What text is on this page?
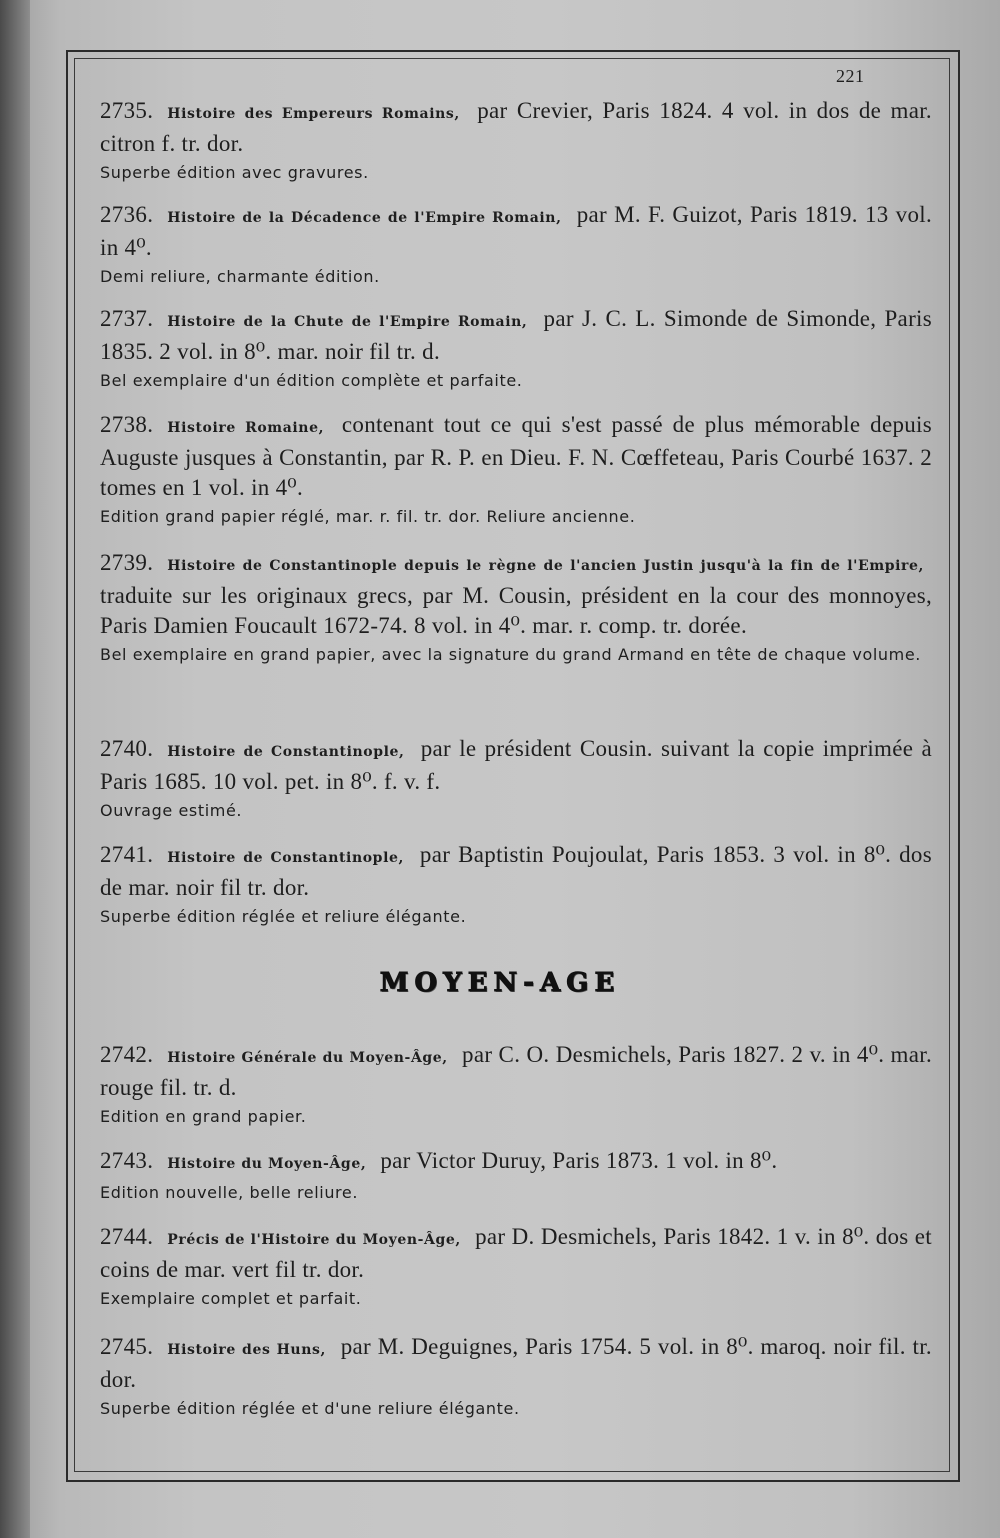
221
2735. Histoire des Empereurs Romains, par Crevier, Paris 1824. 4 vol. in dos de mar. citron f. tr. dor.
Superbe édition avec gravures.
2736. Histoire de la Décadence de l'Empire Romain, par M. F. Guizot, Paris 1819. 13 vol. in 4⁰.
Demi reliure, charmante édition.
2737. Histoire de la Chute de l'Empire Romain, par J. C. L. Simonde de Simonde, Paris 1835. 2 vol. in 8⁰. mar. noir fil tr. d.
Bel exemplaire d'un édition complète et parfaite.
2738. Histoire Romaine, contenant tout ce qui s'est passé de plus mémorable depuis Auguste jusques à Constantin, par R. P. en Dieu. F. N. Cœffeteau, Paris Courbé 1637. 2 tomes en 1 vol. in 4⁰.
Edition grand papier réglé, mar. r. fil. tr. dor. Reliure ancienne.
2739. Histoire de Constantinople depuis le règne de l'ancien Justin jusqu'à la fin de l'Empire, traduite sur les originaux grecs, par M. Cousin, président en la cour des monnoyes, Paris Damien Foucault 1672-74. 8 vol. in 4⁰. mar. r. comp. tr. dorée.
Bel exemplaire en grand papier, avec la signature du grand Armand en tête de chaque volume.
2740. Histoire de Constantinople, par le président Cousin. suivant la copie imprimée à Paris 1685. 10 vol. pet. in 8⁰. f. v. f.
Ouvrage estimé.
2741. Histoire de Constantinople, par Baptistin Poujoulat, Paris 1853. 3 vol. in 8⁰. dos de mar. noir fil tr. dor.
Superbe édition réglée et reliure élégante.
MOYEN-AGE
2742. Histoire Générale du Moyen-Âge, par C. O. Desmichels, Paris 1827. 2 v. in 4⁰. mar. rouge fil. tr. d.
Edition en grand papier.
2743. Histoire du Moyen-Âge, par Victor Duruy, Paris 1873. 1 vol. in 8⁰.
Edition nouvelle, belle reliure.
2744. Précis de l'Histoire du Moyen-Âge, par D. Desmichels, Paris 1842. 1 v. in 8⁰. dos et coins de mar. vert fil tr. dor.
Exemplaire complet et parfait.
2745. Histoire des Huns, par M. Deguignes, Paris 1754. 5 vol. in 8⁰. maroq. noir fil. tr. dor.
Superbe édition réglée et d'une reliure élégante.
